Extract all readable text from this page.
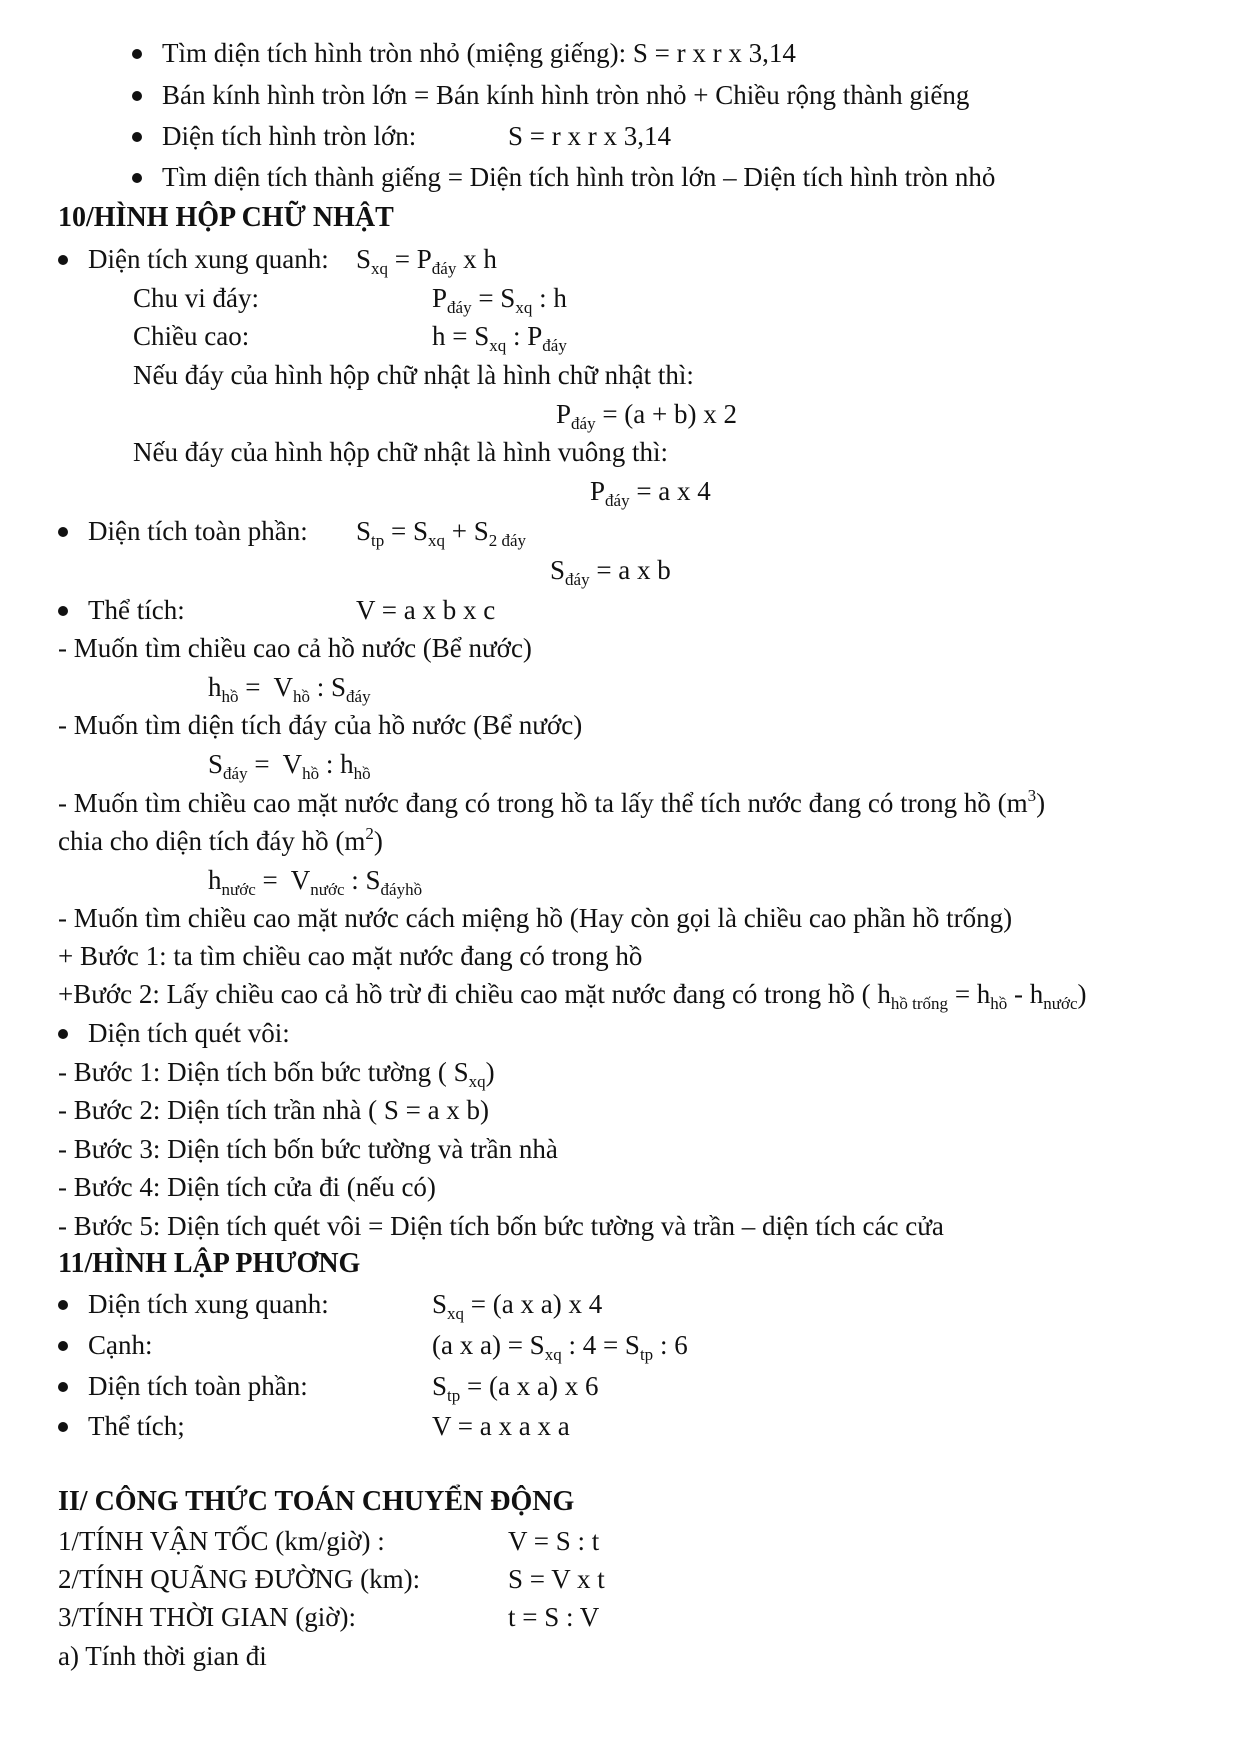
Tìm diện tích hình tròn nhỏ (miệng giếng): S = r x r x 3,14
Bán kính hình tròn lớn = Bán kính hình tròn nhỏ + Chiều rộng thành giếng
Diện tích hình tròn lớn:	S = r x r x 3,14
Tìm diện tích thành giếng = Diện tích hình tròn lớn – Diện tích hình tròn nhỏ
10/HÌNH HỘP CHỮ NHẬT
Diện tích xung quanh: $S_{xq} = P_{đáy}$ x h
Chu vi đáy:	$P_{đáy} = S_{xq}$ : h
Chiều cao:	$h = S_{xq}$ : $P_{đáy}$
Nếu đáy của hình hộp chữ nhật là hình chữ nhật thì:
$P_{đáy} = (a + b)$ x 2
Nếu đáy của hình hộp chữ nhật là hình vuông thì:
$P_{đáy} = a$ x 4
Diện tích toàn phần: $S_{tp} = S_{xq} + S_{2 đáy}$
$S_{đáy} = a$ x b
Thể tích:	V = a x b x c
- Muốn tìm chiều cao cả hồ nước (Bể nước)
$h_{hồ} = V_{hồ}$ : $S_{đáy}$
- Muốn tìm diện tích đáy của hồ nước (Bể nước)
$S_{đáy} = V_{hồ}$ : $h_{hồ}$
- Muốn tìm chiều cao mặt nước đang có trong hồ ta lấy thể tích nước đang có trong hồ $(m^3)$
chia cho diện tích đáy hồ $(m^2)$
$h_{nước} = V_{nước}$ : $S_{đáyhồ}$
- Muốn tìm chiều cao mặt nước cách miệng hồ (Hay còn gọi là chiều cao phần hồ trống)
+ Bước 1: ta tìm chiều cao mặt nước đang có trong hồ
+Bước 2: Lấy chiều cao cả hồ trừ đi chiều cao mặt nước đang có trong hồ ( $h_{hồ trống} = h_{hồ} - h_{nước}$)
Diện tích quét vôi:
- Bước 1: Diện tích bốn bức tường ( $S_{xq}$)
- Bước 2: Diện tích trần nhà ( S = a x b)
- Bước 3: Diện tích bốn bức tường và trần nhà
- Bước 4: Diện tích cửa đi (nếu có)
- Bước 5: Diện tích quét vôi = Diện tích bốn bức tường và trần – diện tích các cửa
11/HÌNH LẬP PHƯƠNG
Diện tích xung quanh:	$S_{xq} = (a$ x a) x 4
Cạnh:	(a x $a) = S_{xq}$ : $4 = S_{tp}$ : 6
Diện tích toàn phần:	$S_{tp} = (a$ x a) x 6
Thể tích;	V = a x a x a
II/ CÔNG THỨC TOÁN CHUYỂN ĐỘNG
1/TÍNH VẬN TỐC (km/giờ) :	V = S : t
2/TÍNH QUÃNG ĐƯỜNG (km):	S = V x t
3/TÍNH THỜI GIAN (giờ):	t = S : V
a) Tính thời gian đi
